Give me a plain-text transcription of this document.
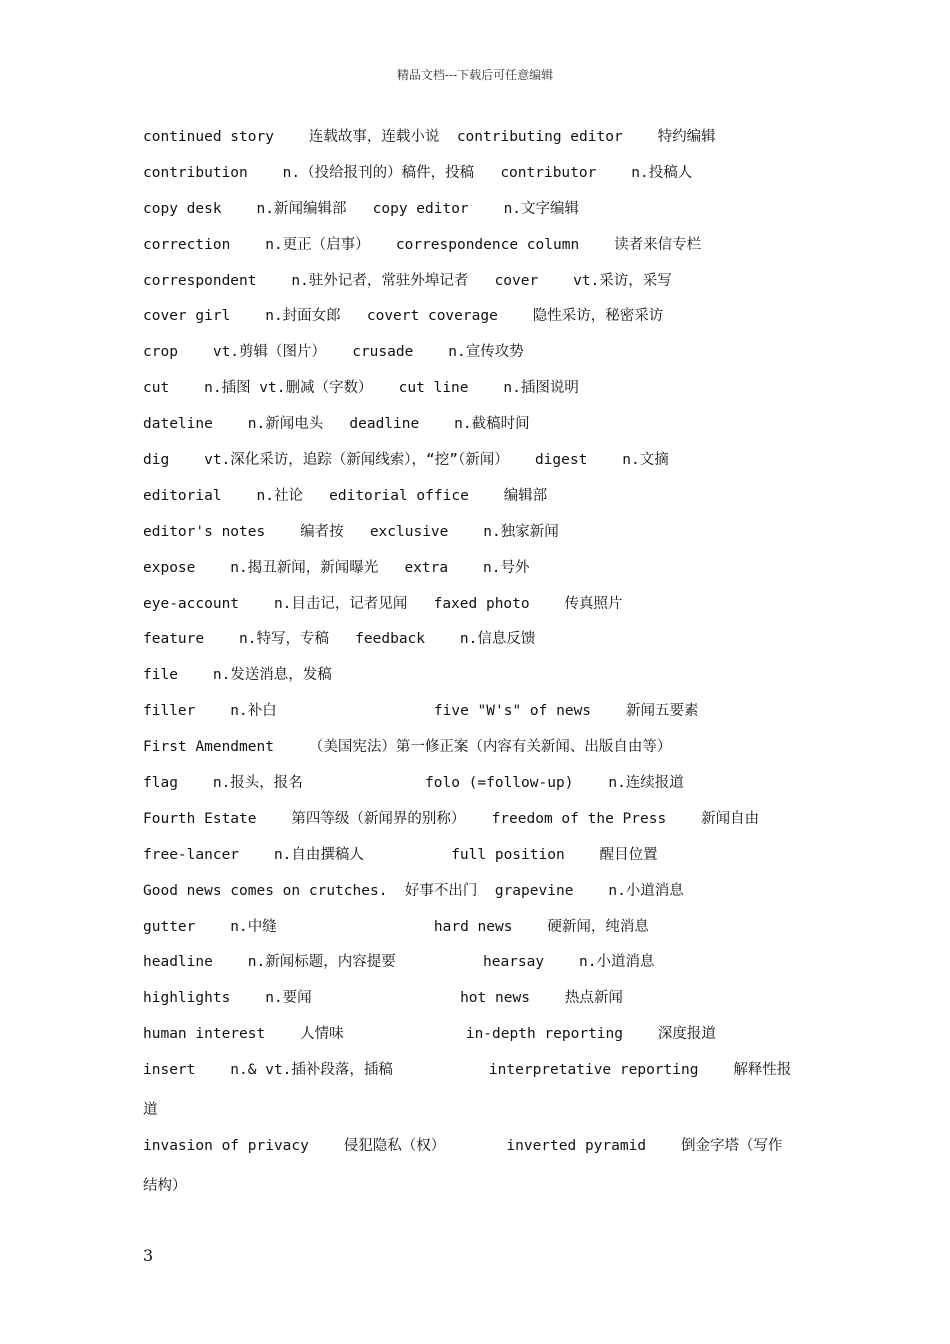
精品文档---下载后可任意编辑
continued story    连载故事，连载小说  contributing editor    特约编辑
contribution    n.（投给报刊的）稿件，投稿   contributor    n.投稿人
copy desk    n.新闻编辑部   copy editor    n.文字编辑
correction    n.更正（启事）   correspondence column    读者来信专栏
correspondent    n.驻外记者，常驻外埠记者   cover    vt.采访，采写
cover girl    n.封面女郎   covert coverage    隐性采访，秘密采访
crop    vt.剪辑（图片）   crusade    n.宣传攻势
cut    n.插图 vt.删减（字数）   cut line    n.插图说明
dateline    n.新闻电头   deadline    n.截稿时间
dig    vt.深化采访，追踪（新闻线索），“挖”（新闻）   digest    n.文摘
editorial    n.社论   editorial office    编辑部
editor's notes    编者按   exclusive    n.独家新闻
expose    n.揭丑新闻，新闻曝光   extra    n.号外
eye-account    n.目击记，记者见闻   faxed photo    传真照片
feature    n.特写，专稿   feedback    n.信息反馈
file    n.发送消息，发稿
filler    n.补白                  five "W's" of news    新闻五要素
First Amendment    （美国宪法）第一修正案（内容有关新闻、出版自由等）
flag    n.报头，报名              folo (=follow-up)    n.连续报道
Fourth Estate    第四等级（新闻界的别称）   freedom of the Press    新闻自由
free-lancer    n.自由撰稿人          full position    醒目位置
Good news comes on crutches.  好事不出门  grapevine    n.小道消息
gutter    n.中缝                  hard news    硬新闻，纯消息
headline    n.新闻标题，内容提要          hearsay    n.小道消息
highlights    n.要闻                 hot news    热点新闻
human interest    人情味              in-depth reporting    深度报道
insert    n.& vt.插补段落，插稿           interpretative reporting    解释性报
道
invasion of privacy    侵犯隐私（权）       inverted pyramid    倒金字塔（写作
结构）
3
